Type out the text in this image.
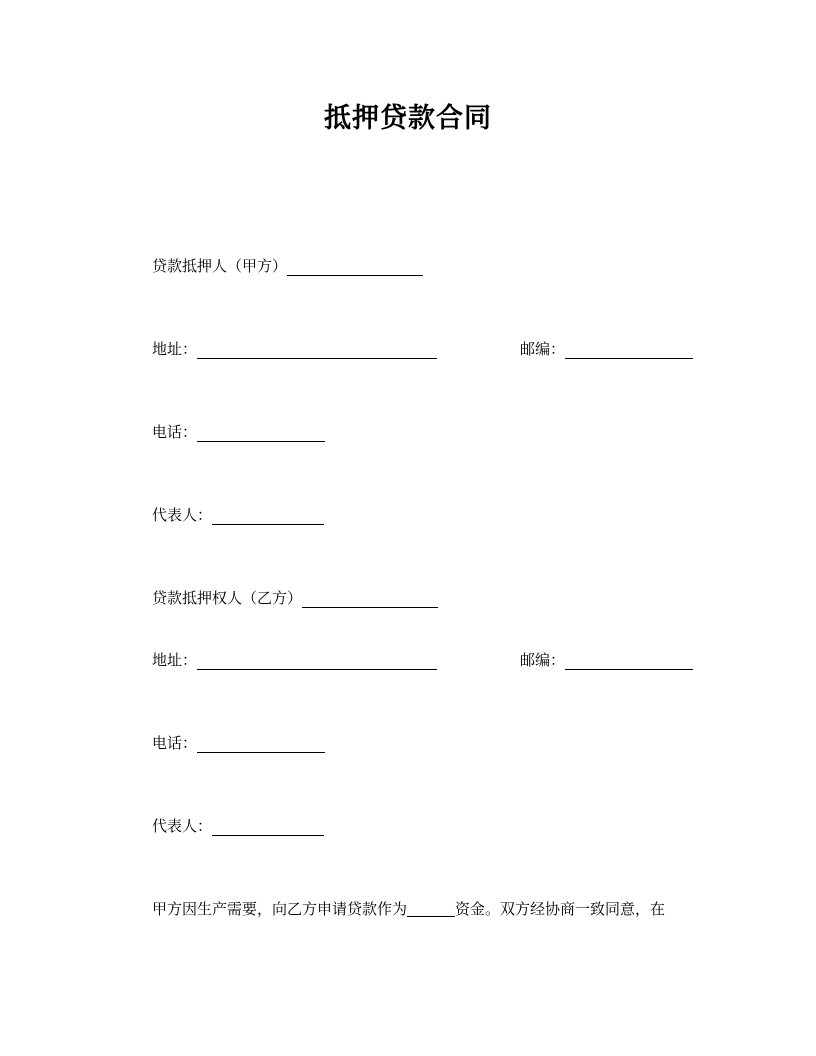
抵押贷款合同
贷款抵押人（甲方）
地址：	邮编：
电话：
代表人：
贷款抵押权人（乙方）
地址：	邮编：
电话：
代表人：
甲方因生产需要，向乙方申请贷款作为	资金。双方经协商一致同意，在
